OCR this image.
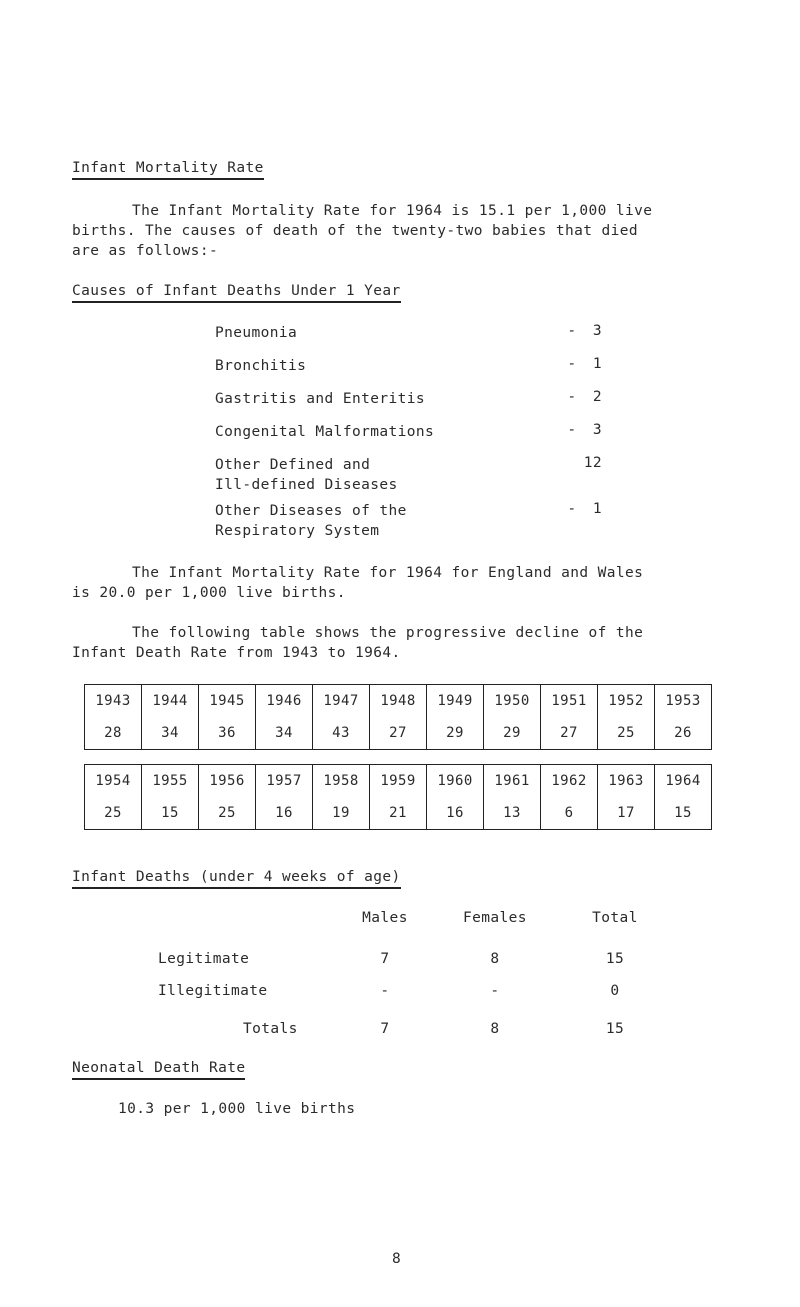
Infant Mortality Rate
The Infant Mortality Rate for 1964 is 15.1 per 1,000 live
births. The causes of death of the twenty-two babies that died
are as follows:-
Causes of Infant Deaths Under 1 Year
Pneumonia	-	3
Bronchitis	-	1
Gastritis and Enteritis	-	2
Congenital Malformations	-	3
Other Defined and
Ill-defined Diseases
12
Other Diseases of the
Respiratory System
-	1
The Infant Mortality Rate for 1964 for England and Wales
is 20.0 per 1,000 live births.
The following table shows the progressive decline of the
Infant Death Rate from 1943 to 1964.
1943	1944	1945	1946	1947	1948	1949	1950	1951	1952	1953
28	34	36	34	43	27	29	29	27	25	26
1954	1955	1956	1957	1958	1959	1960	1961	1962	1963	1964
25	15	25	16	19	21	16	13	6	17	15
Infant Deaths (under 4 weeks of age)
Males	Females	Total
Legitimate	7	8	15
Illegitimate	-	-	0
Totals	7	8	15
Neonatal Death Rate
10.3 per 1,000 live births
8
